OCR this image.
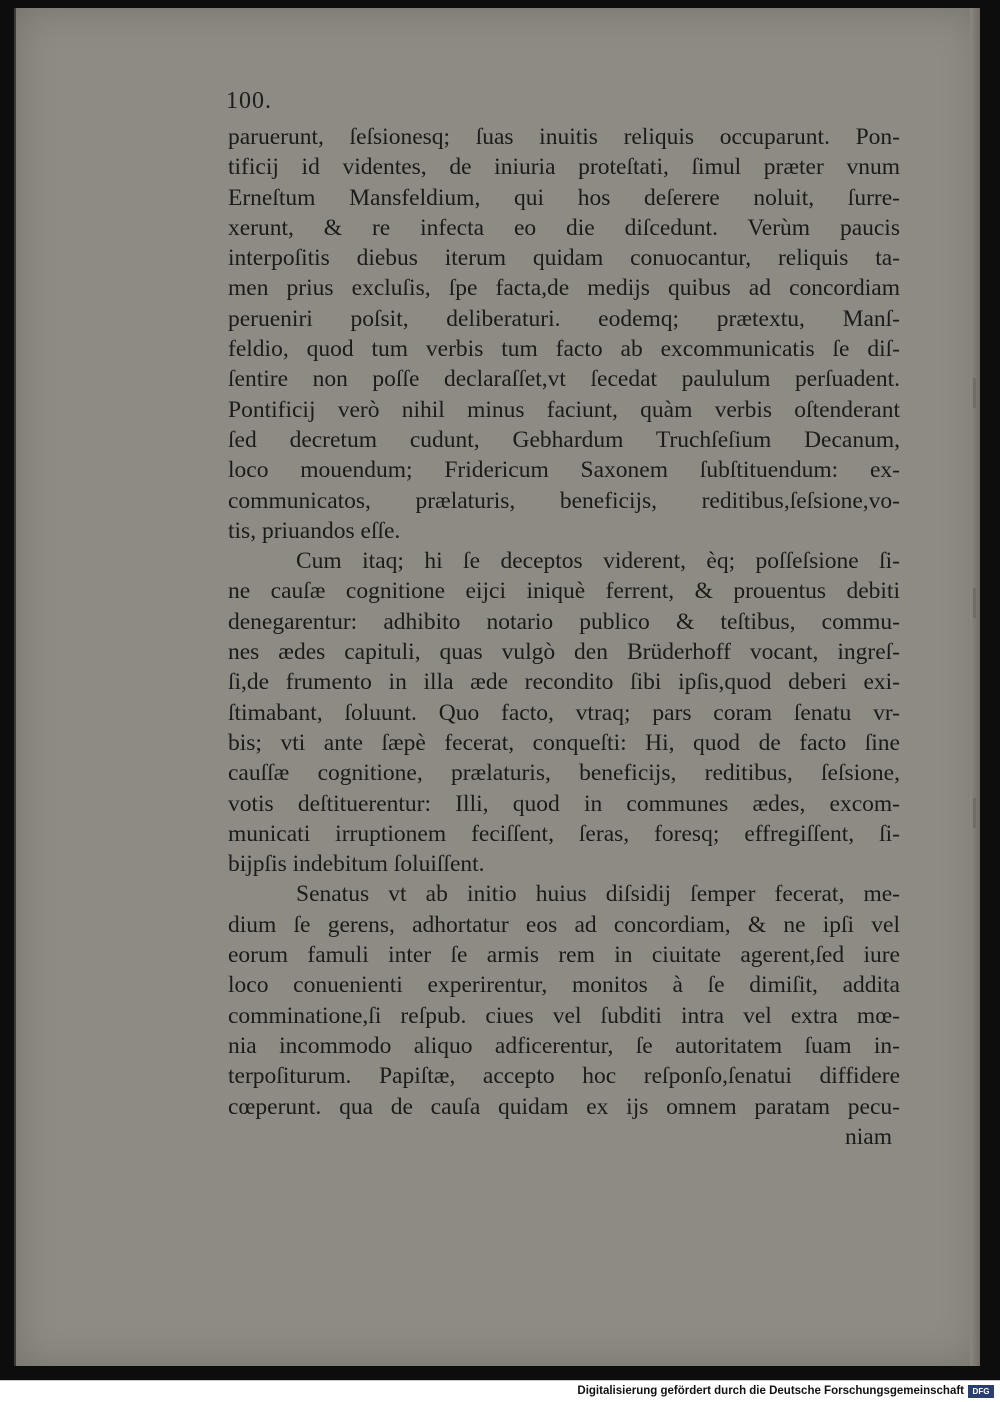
100.
paruerunt, ſeſsionesq; ſuas inuitis reliquis occuparunt. Pon-
tificij id videntes, de iniuria proteſtati, ſimul præter vnum
Erneſtum Mansfeldium, qui hos deſerere noluit, ſurre-
xerunt, & re infecta eo die diſcedunt. Verùm paucis
interpoſitis diebus iterum quidam conuocantur, reliquis ta-
men prius excluſis, ſpe facta,de medijs quibus ad concordiam
perueniri poſsit, deliberaturi. eodemq; prætextu, Manſ-
feldio, quod tum verbis tum facto ab excommunicatis ſe diſ-
ſentire non poſſe declaraſſet,vt ſecedat paululum perſuadent.
Pontificij verò nihil minus faciunt, quàm verbis oſtenderant
ſed decretum cudunt, Gebhardum Truchſeſium Decanum,
loco mouendum; Fridericum Saxonem ſubſtituendum: ex-
communicatos, prælaturis, beneficijs, reditibus,ſeſsione,vo-
tis, priuandos eſſe.
Cum itaq; hi ſe deceptos viderent, èq; poſſeſsione ſi-
ne cauſæ cognitione eijci iniquè ferrent, & prouentus debiti
denegarentur: adhibito notario publico & teſtibus, commu-
nes ædes capituli, quas vulgò den Brüderhoff vocant, ingreſ-
ſi,de frumento in illa æde recondito ſibi ipſis,quod deberi exi-
ſtimabant, ſoluunt. Quo facto, vtraq; pars coram ſenatu vr-
bis; vti ante ſæpè fecerat, conqueſti: Hi, quod de facto ſine
cauſſæ cognitione, prælaturis, beneficijs, reditibus, ſeſsione,
votis deſtituerentur: Illi, quod in communes ædes, excom-
municati irruptionem feciſſent, ſeras, foresq; effregiſſent, ſi-
bijpſis indebitum ſoluiſſent.
Senatus vt ab initio huius diſsidij ſemper fecerat, me-
dium ſe gerens, adhortatur eos ad concordiam, & ne ipſi vel
eorum famuli inter ſe armis rem in ciuitate agerent,ſed iure
loco conuenienti experirentur, monitos à ſe dimiſit, addita
comminatione,ſi reſpub. ciues vel ſubditi intra vel extra mœ-
nia incommodo aliquo adficerentur, ſe autoritatem ſuam in-
terpoſiturum. Papiſtæ, accepto hoc reſponſo,ſenatui diffidere
cœperunt. qua de cauſa quidam ex ijs omnem paratam pecu-
niam
Digitalisierung gefördert durch die Deutsche Forschungsgemeinschaft	DFG
